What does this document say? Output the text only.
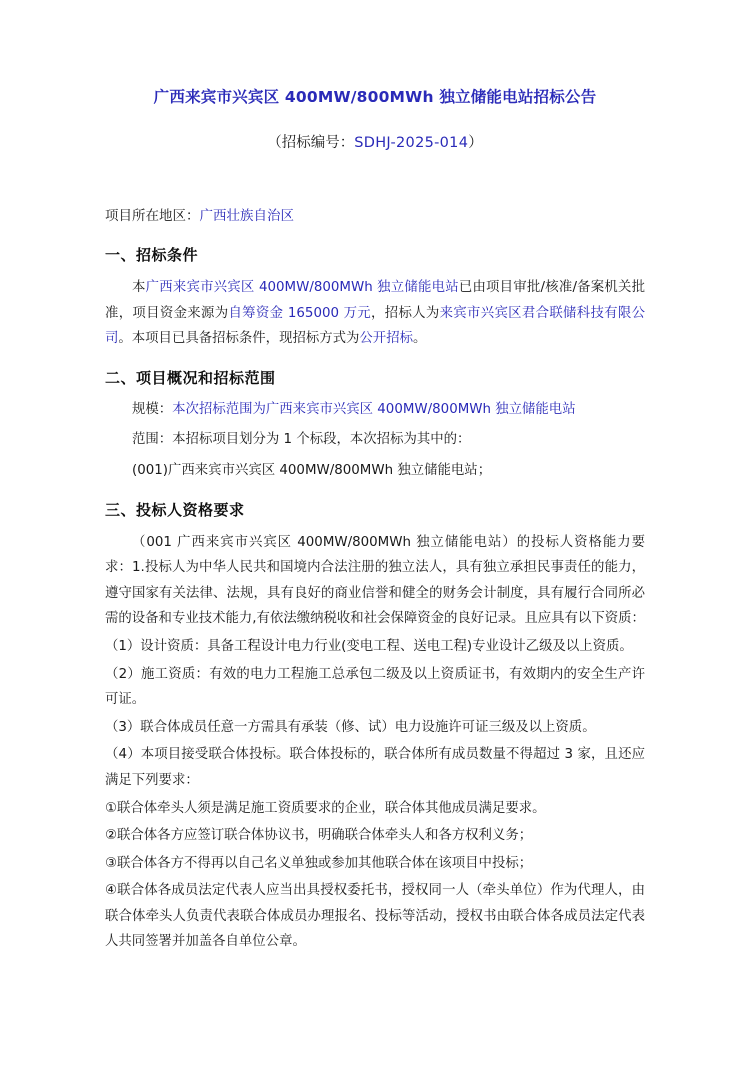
广西来宾市兴宾区 400MW/800MWh 独立储能电站招标公告
（招标编号：SDHJ-2025-014）
项目所在地区：广西壮族自治区
一、招标条件

本广西来宾市兴宾区 400MW/800MWh 独立储能电站已由项目审批/核准/备案机关批准，项目资金来源为自筹资金 165000 万元，招标人为来宾市兴宾区君合联储科技有限公司。本项目已具备招标条件，现招标方式为公开招标。

二、项目概况和招标范围

规模：本次招标范围为广西来宾市兴宾区 400MW/800MWh 独立储能电站

范围：本招标项目划分为 1 个标段，本次招标为其中的：

(001)广西来宾市兴宾区 400MW/800MWh 独立储能电站；

三、投标人资格要求

（001 广西来宾市兴宾区 400MW/800MWh 独立储能电站）的投标人资格能力要求：1.投标人为中华人民共和国境内合法注册的独立法人，具有独立承担民事责任的能力，遵守国家有关法律、法规，具有良好的商业信誉和健全的财务会计制度，具有履行合同所必需的设备和专业技术能力,有依法缴纳税收和社会保障资金的良好记录。且应具有以下资质：

（1）设计资质：具备工程设计电力行业(变电工程、送电工程)专业设计乙级及以上资质。

（2）施工资质：有效的电力工程施工总承包二级及以上资质证书，有效期内的安全生产许可证。

（3）联合体成员任意一方需具有承装（修、试）电力设施许可证三级及以上资质。

（4）本项目接受联合体投标。联合体投标的，联合体所有成员数量不得超过 3 家，且还应满足下列要求：

①联合体牵头人须是满足施工资质要求的企业，联合体其他成员满足要求。

②联合体各方应签订联合体协议书，明确联合体牵头人和各方权利义务；

③联合体各方不得再以自己名义单独或参加其他联合体在该项目中投标；

④联合体各成员法定代表人应当出具授权委托书，授权同一人（牵头单位）作为代理人，由联合体牵头人负责代表联合体成员办理报名、投标等活动，授权书由联合体各成员法定代表人共同签署并加盖各自单位公章。
